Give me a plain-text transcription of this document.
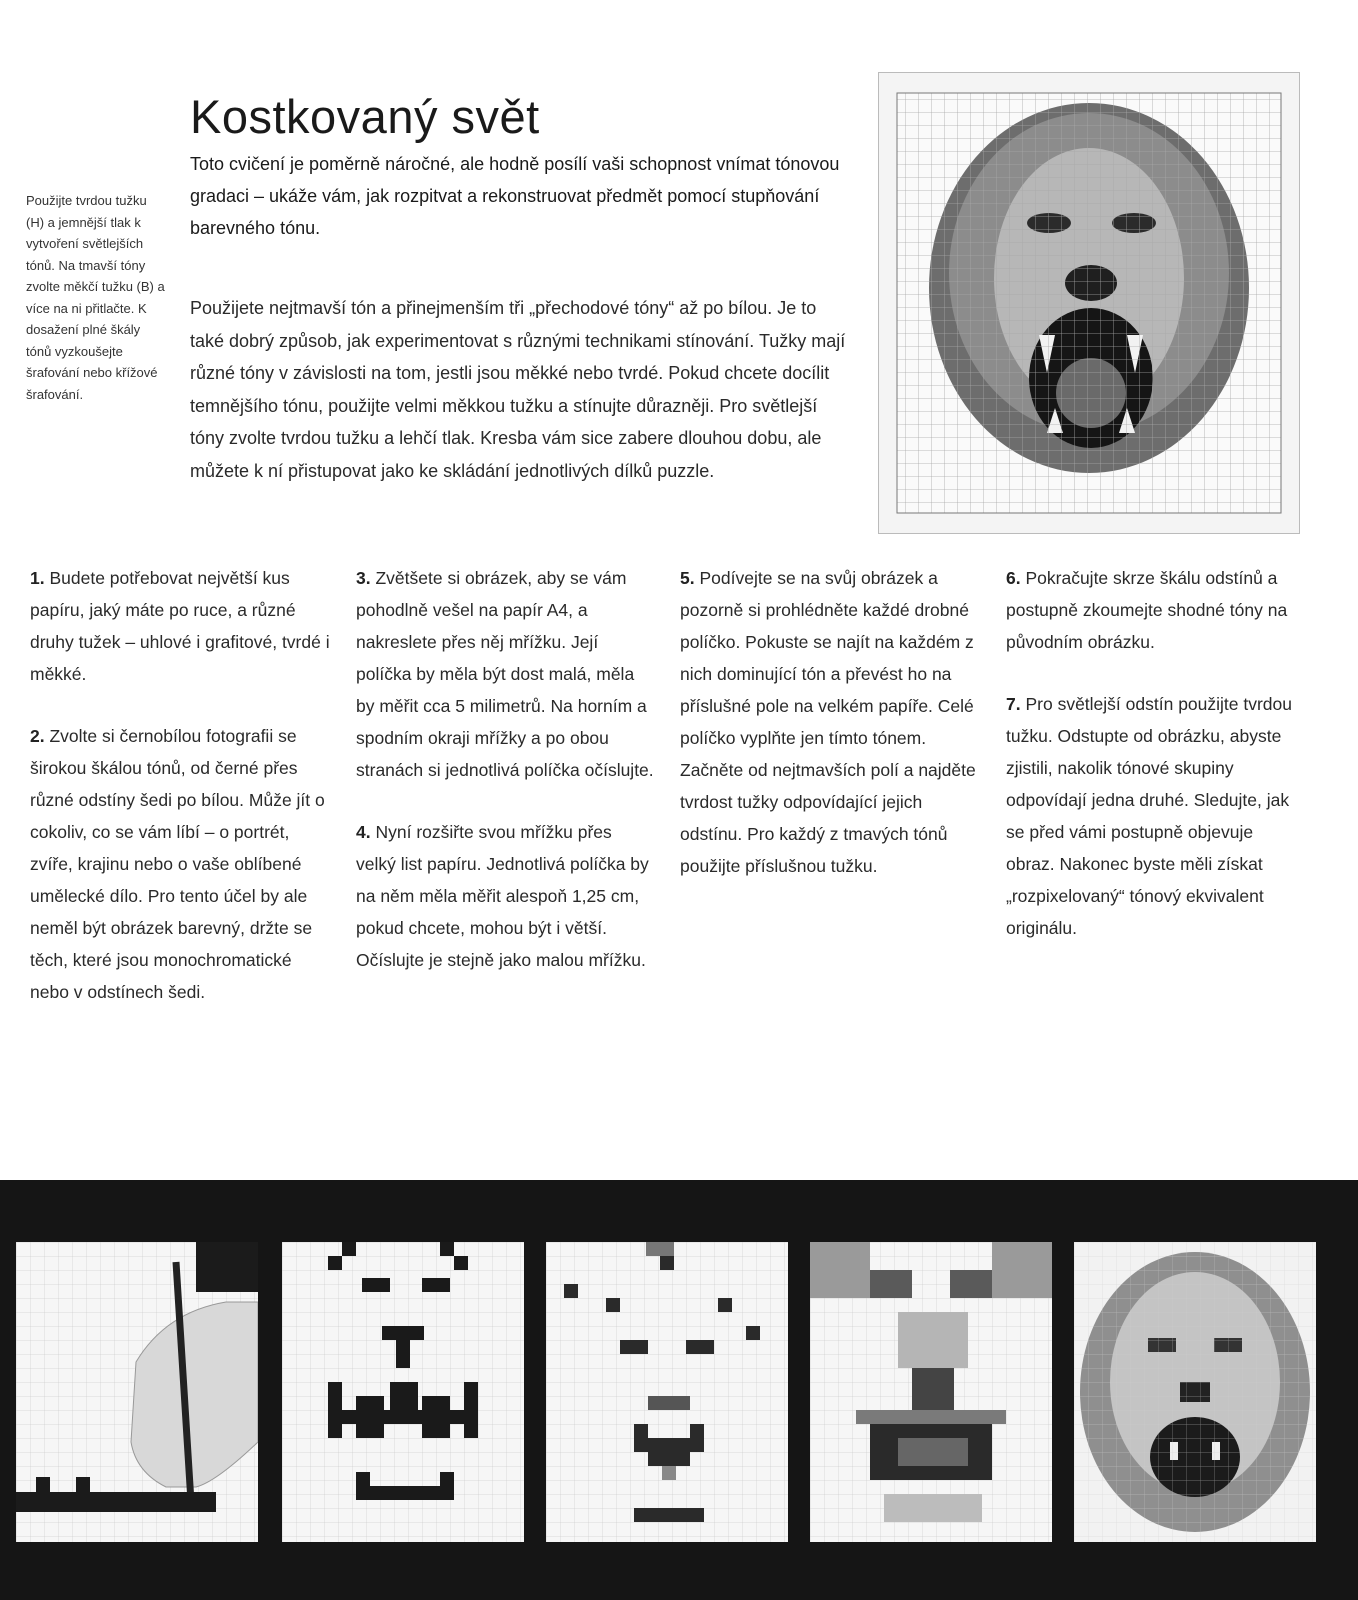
Kostkovaný svět

Použijte tvrdou tužku (H) a jemnější tlak k vytvoření světlejších tónů. Na tmavší tóny zvolte měkčí tužku (B) a více na ni přitlačte. K dosažení plné škály tónů vyzkoušejte šrafování nebo křížové šrafování.

Toto cvičení je poměrně náročné, ale hodně posílí vaši schopnost vnímat tónovou gradaci – ukáže vám, jak rozpitvat a rekonstruovat předmět pomocí stupňování barevného tónu.

Použijete nejtmavší tón a přinejmenším tři „přechodové tóny“ až po bílou. Je to také dobrý způsob, jak experimentovat s různými technikami stínování. Tužky mají různé tóny v závislosti na tom, jestli jsou měkké nebo tvrdé. Pokud chcete docílit temnějšího tónu, použijte velmi měkkou tužku a stínujte důrazněji. Pro světlejší tóny zvolte tvrdou tužku a lehčí tlak. Kresba vám sice zabere dlouhou dobu, ale můžete k ní přistupovat jako ke skládání jednotlivých dílků puzzle.

1. Budete potřebovat největší kus papíru, jaký máte po ruce, a různé druhy tužek – uhlové i grafitové, tvrdé i měkké.

2. Zvolte si černobílou fotografii se širokou škálou tónů, od černé přes různé odstíny šedi po bílou. Může jít o cokoliv, co se vám líbí – o portrét, zvíře, krajinu nebo o vaše oblíbené umělecké dílo. Pro tento účel by ale neměl být obrázek barevný, držte se těch, které jsou monochromatické nebo v odstínech šedi.

3. Zvětšete si obrázek, aby se vám pohodlně vešel na papír A4, a nakreslete přes něj mřížku. Její políčka by měla být dost malá, měla by měřit cca 5 milimetrů. Na horním a spodním okraji mřížky a po obou stranách si jednotlivá políčka očíslujte.

4. Nyní rozšiřte svou mřížku přes velký list papíru. Jednotlivá políčka by na něm měla měřit alespoň 1,25 cm, pokud chcete, mohou být i větší. Očíslujte je stejně jako malou mřížku.

5. Podívejte se na svůj obrázek a pozorně si prohlédněte každé drobné políčko. Pokuste se najít na každém z nich dominující tón a převést ho na příslušné pole na velkém papíře. Celé políčko vyplňte jen tímto tónem. Začněte od nejtmavších polí a najděte tvrdost tužky odpovídající jejich odstínu. Pro každý z tmavých tónů použijte příslušnou tužku.

6. Pokračujte skrze škálu odstínů a postupně zkoumejte shodné tóny na původním obrázku.

7. Pro světlejší odstín použijte tvrdou tužku. Odstupte od obrázku, abyste zjistili, nakolik tónové skupiny odpovídají jedna druhé. Sledujte, jak se před vámi postupně objevuje obraz. Nakonec byste měli získat „rozpixelovaný“ tónový ekvivalent originálu.
